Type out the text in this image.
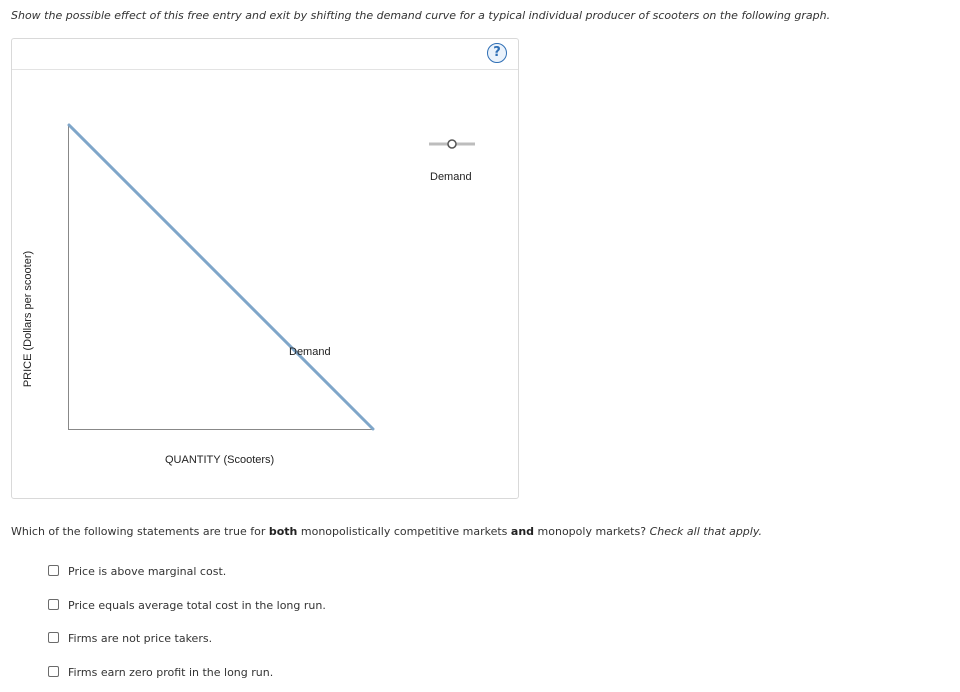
Show the possible effect of this free entry and exit by shifting the demand curve for a typical individual producer of scooters on the following graph.

?
PRICE (Dollars per scooter)
QUANTITY (Scooters)
Demand
Demand

Which of the following statements are true for both monopolistically competitive markets and monopoly markets? Check all that apply.

Price is above marginal cost.
Price equals average total cost in the long run.
Firms are not price takers.
Firms earn zero profit in the long run.
